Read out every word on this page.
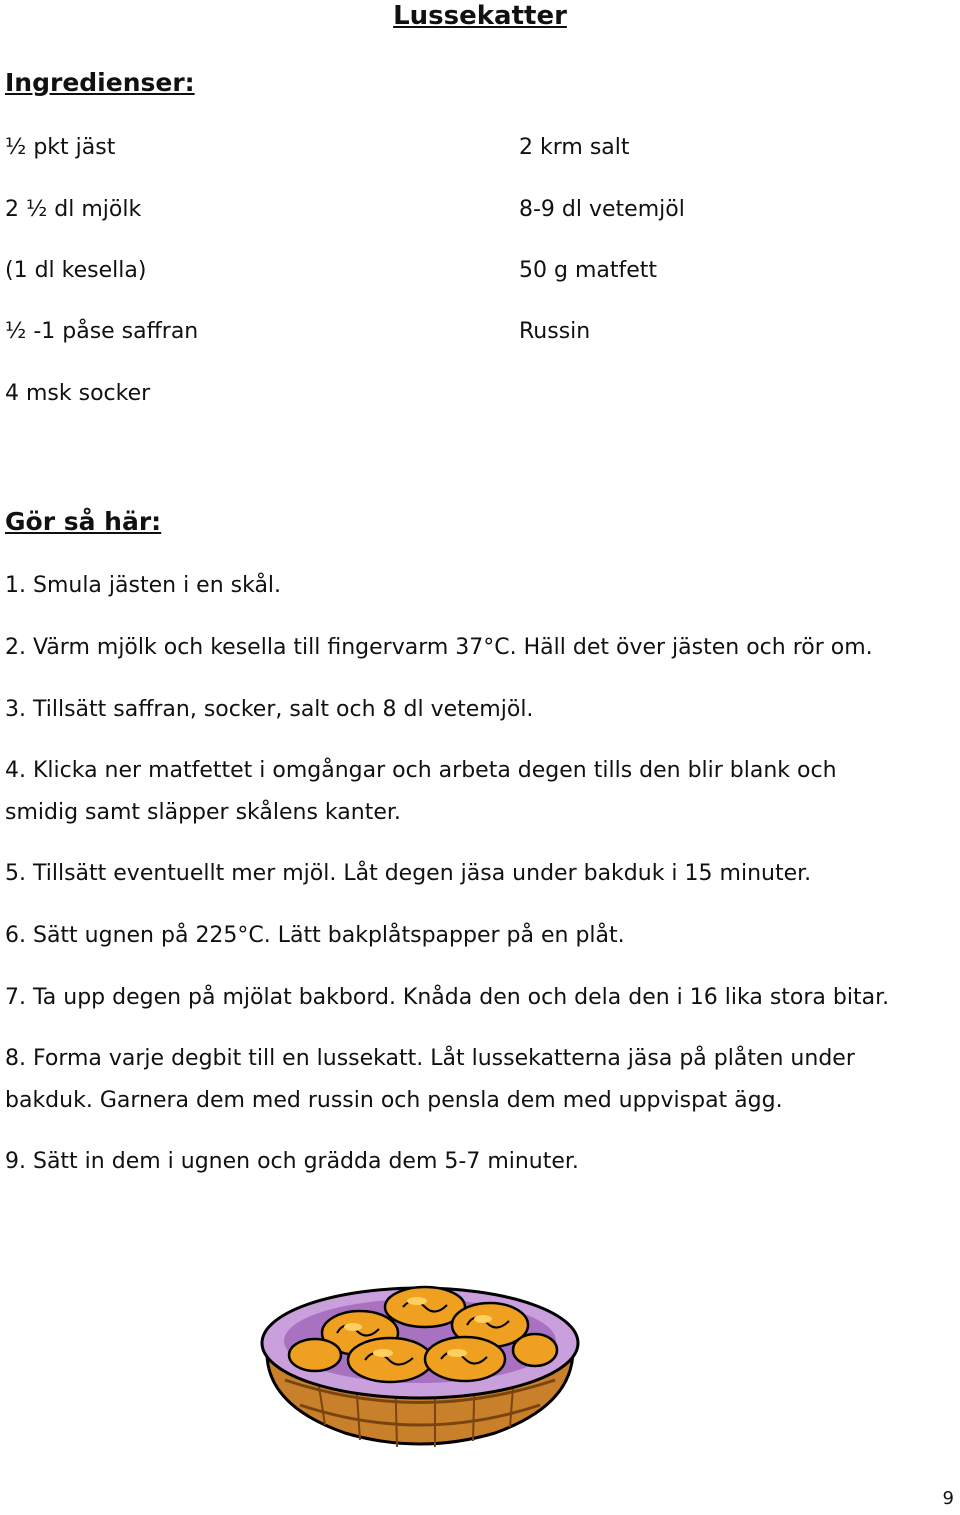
Lussekatter
Ingredienser:
½ pkt jäst
2 ½ dl mjölk
(1 dl kesella)
½ -1 påse saffran
4 msk socker
2 krm salt
8-9 dl vetemjöl
50 g matfett
Russin
Gör så här:
1. Smula jästen i en skål.
2. Värm mjölk och kesella till fingervarm 37°C. Häll det över jästen och rör om.
3. Tillsätt saffran, socker, salt och 8 dl vetemjöl.
4. Klicka ner matfettet i omgångar och arbeta degen tills den blir blank och
smidig samt släpper skålens kanter.
5. Tillsätt eventuellt mer mjöl. Låt degen jäsa under bakduk i 15 minuter.
6. Sätt ugnen på 225°C. Lätt bakplåtspapper på en plåt.
7. Ta upp degen på mjölat bakbord. Knåda den och dela den i 16 lika stora bitar.
8. Forma varje degbit till en lussekatt. Låt lussekatterna jäsa på plåten under
bakduk. Garnera dem med russin och pensla dem med uppvispat ägg.
9. Sätt in dem i ugnen och grädda dem 5-7 minuter.
9
